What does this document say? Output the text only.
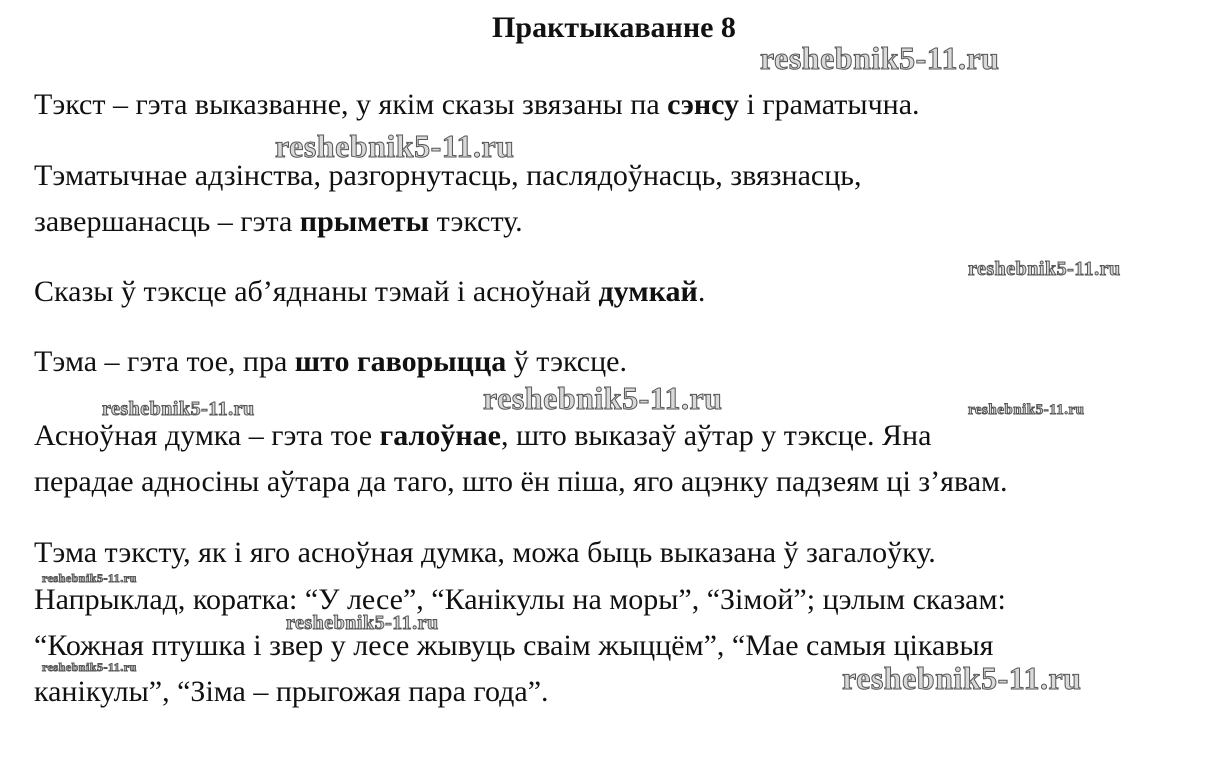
Практыкаванне 8
Тэкст – гэта выказванне, у якім сказы звязаны па сэнсу і граматычна.
Тэматычнае адзінства, разгорнутасць, паслядоўнасць, звязнасць,
завершанасць – гэта прыметы тэксту.
Сказы ў тэксце аб’яднаны тэмай і асноўнай думкай.
Тэма – гэта тое, пра што гаворыцца ў тэксце.
Асноўная думка – гэта тое галоўнае, што выказаў аўтар у тэксце. Яна
перадае адносіны аўтара да таго, што ён піша, яго ацэнку падзеям ці з’явам.
Тэма тэксту, як і яго асноўная думка, можа быць выказана ў загалоўку.
Напрыклад, коратка: “У лесе”, “Канікулы на моры”, “Зімой”; цэлым сказам:
“Кожная птушка і звер у лесе жывуць сваім жыццём”, “Мае самыя цікавыя
канікулы”, “Зіма – прыгожая пара года”.
reshebnik5-11.ru
reshebnik5-11.ru
reshebnik5-11.ru
reshebnik5-11.ru	reshebnik5-11.ru	reshebnik5-11.ru
reshebnik5-11.ru
reshebnik5-11.ru
reshebnik5-11.ru	reshebnik5-11.ru
